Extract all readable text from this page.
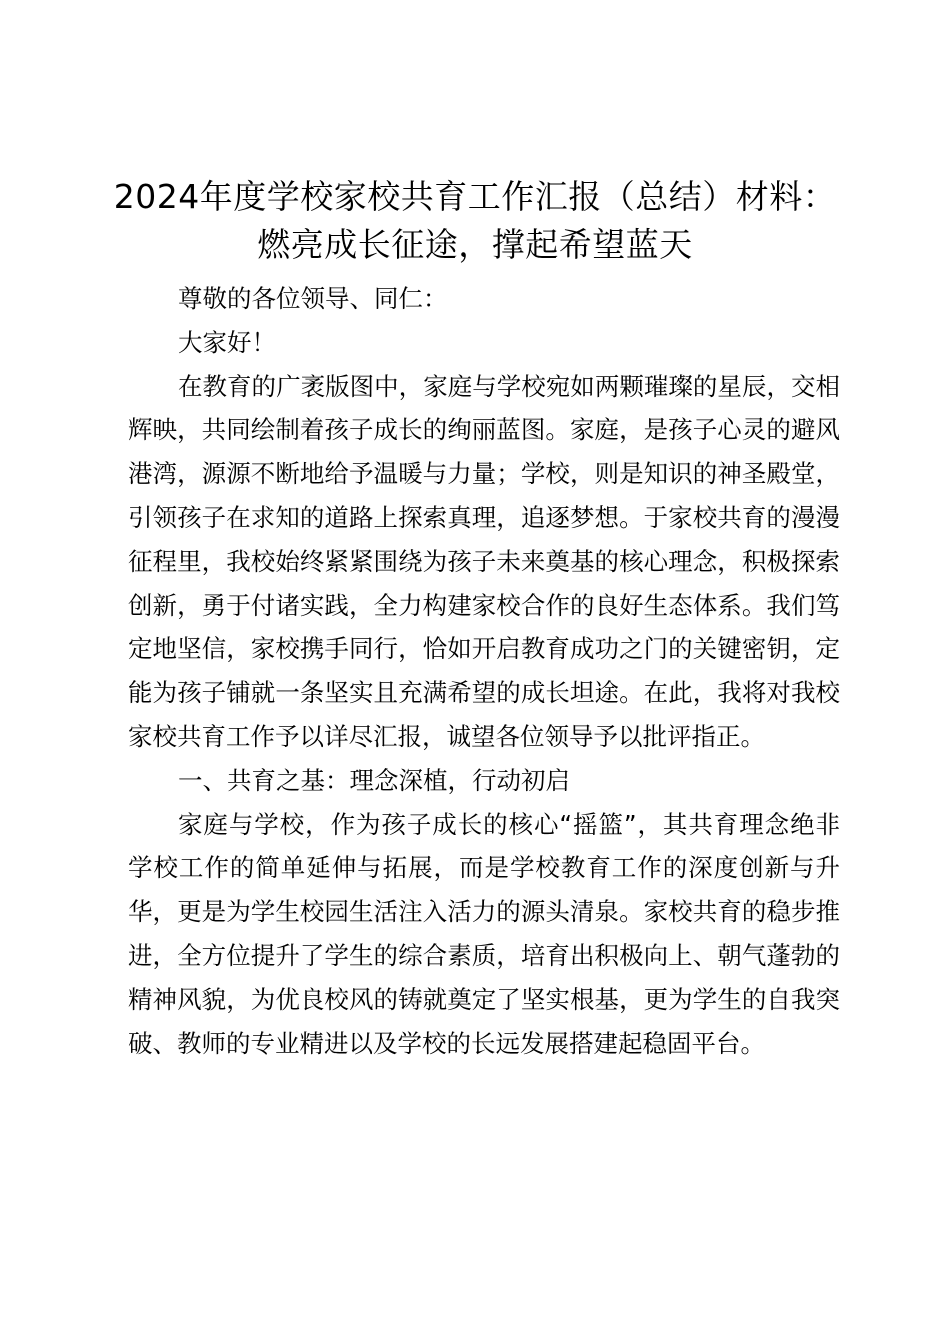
2024年度学校家校共育工作汇报（总结）材料：燃亮成长征途，撑起希望蓝天

尊敬的各位领导、同仁：

大家好！

在教育的广袤版图中，家庭与学校宛如两颗璀璨的星辰，交相辉映，共同绘制着孩子成长的绚丽蓝图。家庭，是孩子心灵的避风港湾，源源不断地给予温暖与力量；学校，则是知识的神圣殿堂，引领孩子在求知的道路上探索真理，追逐梦想。于家校共育的漫漫征程里，我校始终紧紧围绕为孩子未来奠基的核心理念，积极探索创新，勇于付诸实践，全力构建家校合作的良好生态体系。我们笃定地坚信，家校携手同行，恰如开启教育成功之门的关键密钥，定能为孩子铺就一条坚实且充满希望的成长坦途。在此，我将对我校家校共育工作予以详尽汇报，诚望各位领导予以批评指正。

一、共育之基：理念深植，行动初启

家庭与学校，作为孩子成长的核心“摇篮”，其共育理念绝非学校工作的简单延伸与拓展，而是学校教育工作的深度创新与升华，更是为学生校园生活注入活力的源头清泉。家校共育的稳步推进，全方位提升了学生的综合素质，培育出积极向上、朝气蓬勃的精神风貌，为优良校风的铸就奠定了坚实根基，更为学生的自我突破、教师的专业精进以及学校的长远发展搭建起稳固平台。
